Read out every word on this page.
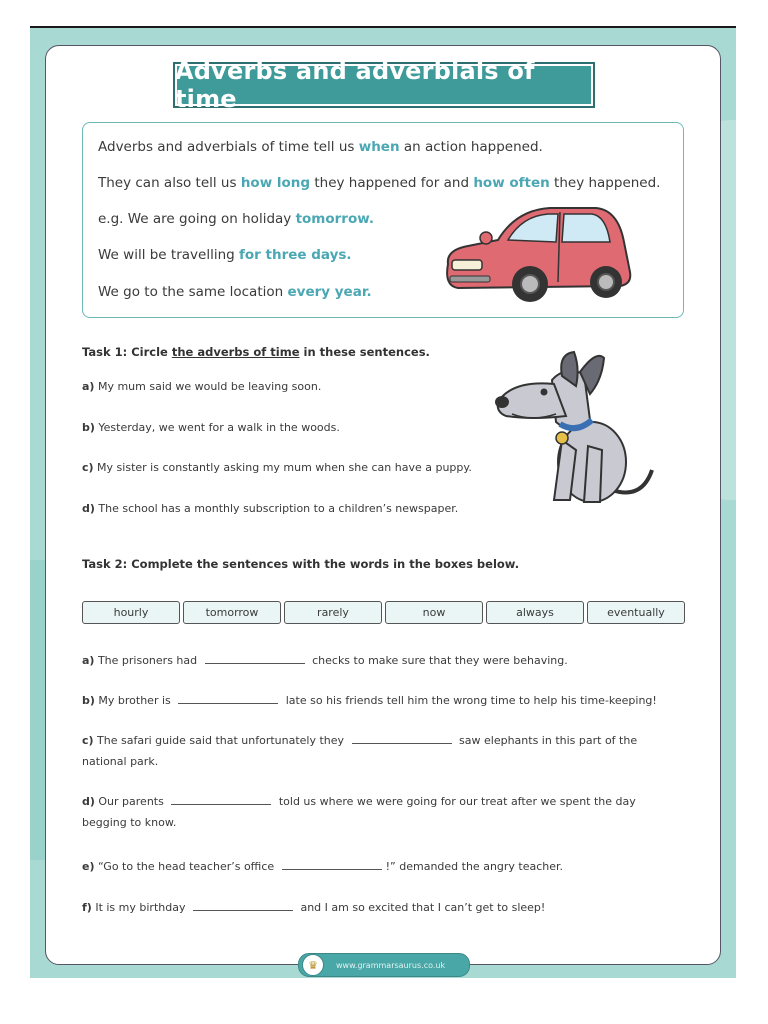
Adverbs and adverbials of time
Adverbs and adverbials of time tell us when an action happened.
They can also tell us how long they happened for and how often they happened.
e.g. We are going on holiday tomorrow.
We will be travelling for three days.
We go to the same location every year.
Task 1: Circle the adverbs of time in these sentences.
a) My mum said we would be leaving soon.
b) Yesterday, we went for a walk in the woods.
c) My sister is constantly asking my mum when she can have a puppy.
d) The school has a monthly subscription to a children’s newspaper.
Task 2: Complete the sentences with the words in the boxes below.
hourly	tomorrow	rarely	now	always	eventually
a) The prisoners had	checks to make sure that they were behaving.
b) My brother is	late so his friends tell him the wrong time to help his time-keeping!
c) The safari guide said that unfortunately they	saw elephants in this part of the national park.
d) Our parents	told us where we were going for our treat after we spent the day begging to know.
e) “Go to the head teacher’s office	!” demanded the angry teacher.
f) It is my birthday	and I am so excited that I can’t get to sleep!
♛	www.grammarsaurus.co.uk
